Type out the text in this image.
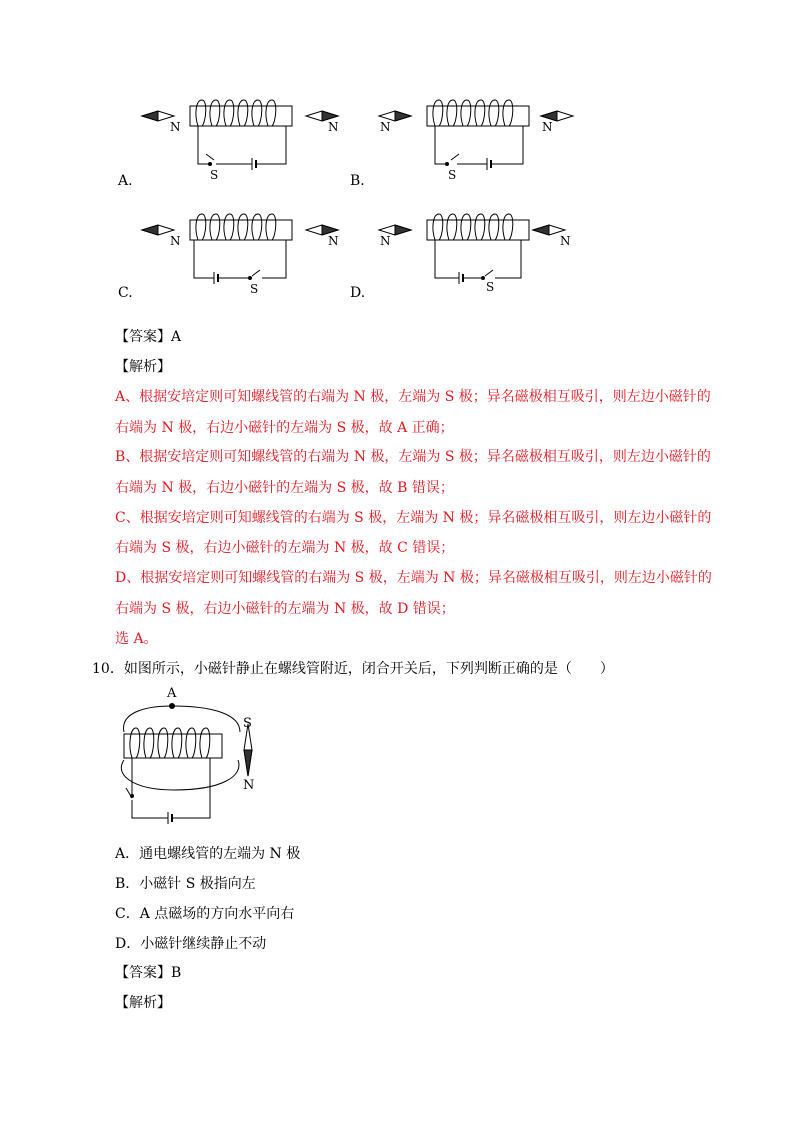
N	N
S
A.
N	N
S
B.
N	N
S
C.
N	N
S
D.
【答案】A
【解析】
A、根据安培定则可知螺线管的右端为 N 极，左端为 S 极；异名磁极相互吸引，则左边小磁针的
右端为 N 极，右边小磁针的左端为 S 极，故 A 正确；
B、根据安培定则可知螺线管的右端为 N 极，左端为 S 极；异名磁极相互吸引，则左边小磁针的
右端为 N 极，右边小磁针的左端为 S 极，故 B 错误；
C、根据安培定则可知螺线管的右端为 S 极，左端为 N 极；异名磁极相互吸引，则左边小磁针的
右端为 S 极，右边小磁针的左端为 N 极，故 C 错误；
D、根据安培定则可知螺线管的右端为 S 极，左端为 N 极；异名磁极相互吸引，则左边小磁针的
右端为 S 极，右边小磁针的左端为 N 极，故 D 错误；
选 A。
10．如图所示，小磁针静止在螺线管附近，闭合开关后，下列判断正确的是（　　）
A
S
N
A．通电螺线管的左端为 N 极
B．小磁针 S 极指向左
C．A 点磁场的方向水平向右
D．小磁针继续静止不动
【答案】B
【解析】
